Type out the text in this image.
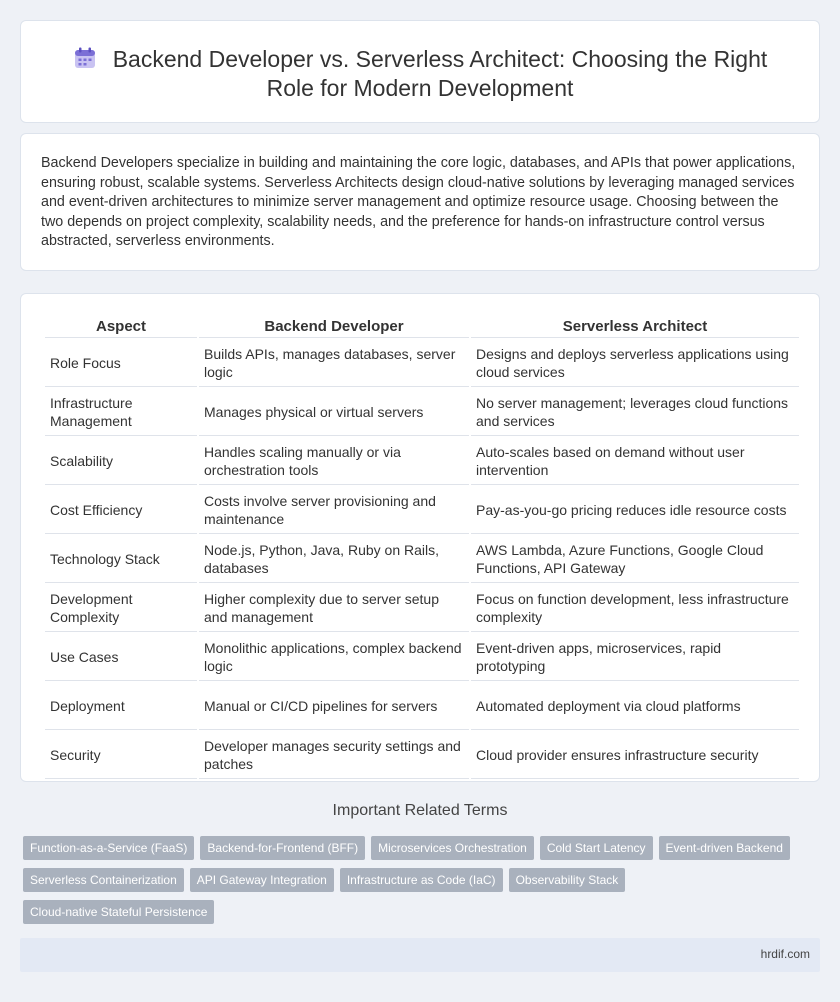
Backend Developer vs. Serverless Architect: Choosing the Right Role for Modern Development

Backend Developers specialize in building and maintaining the core logic, databases, and APIs that power applications, ensuring robust, scalable systems. Serverless Architects design cloud-native solutions by leveraging managed services and event-driven architectures to minimize server management and optimize resource usage. Choosing between the two depends on project complexity, scalability needs, and the preference for hands-on infrastructure control versus abstracted, serverless environments.

Aspect	Backend Developer	Serverless Architect
Role Focus	Builds APIs, manages databases, server logic	Designs and deploys serverless applications using cloud services
Infrastructure Management	Manages physical or virtual servers	No server management; leverages cloud functions and services
Scalability	Handles scaling manually or via orchestration tools	Auto-scales based on demand without user intervention
Cost Efficiency	Costs involve server provisioning and maintenance	Pay-as-you-go pricing reduces idle resource costs
Technology Stack	Node.js, Python, Java, Ruby on Rails, databases	AWS Lambda, Azure Functions, Google Cloud Functions, API Gateway
Development Complexity	Higher complexity due to server setup and management	Focus on function development, less infrastructure complexity
Use Cases	Monolithic applications, complex backend logic	Event-driven apps, microservices, rapid prototyping
Deployment	Manual or CI/CD pipelines for servers	Automated deployment via cloud platforms
Security	Developer manages security settings and patches	Cloud provider ensures infrastructure security
Important Related Terms
Function-as-a-Service (FaaS)	Backend-for-Frontend (BFF)	Microservices Orchestration	Cold Start Latency	Event-driven Backend
Serverless Containerization	API Gateway Integration	Infrastructure as Code (IaC)	Observability Stack
Cloud-native Stateful Persistence
hrdif.com
